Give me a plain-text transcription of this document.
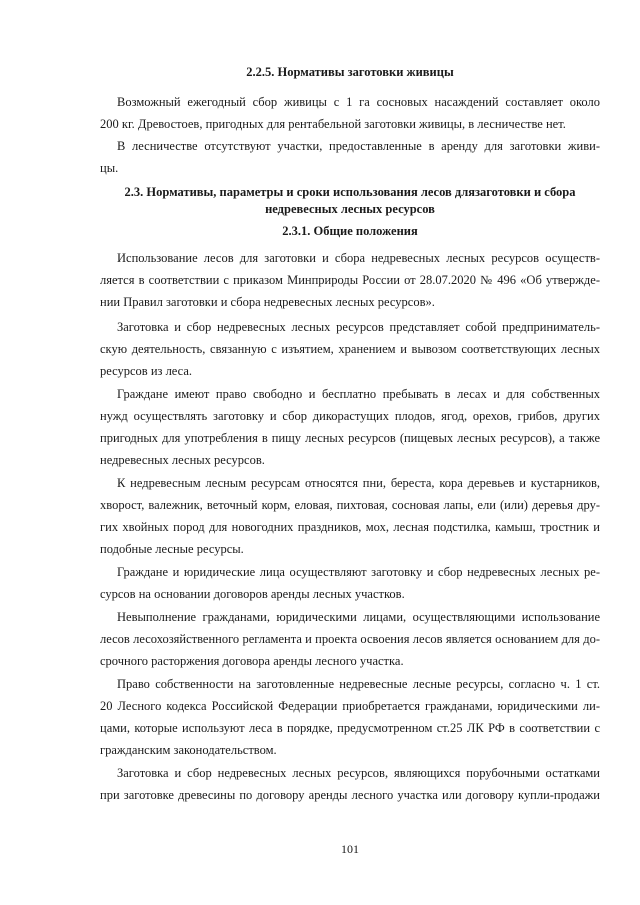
2.2.5. Нормативы заготовки живицы
Возможный ежегодный сбор живицы с 1 га сосновых насаждений составляет около
200 кг. Древостоев, пригодных для рентабельной заготовки живицы, в лесничестве нет.
В лесничестве отсутствуют участки, предоставленные в аренду для заготовки живи-
цы.
2.3. Нормативы, параметры и сроки использования лесов длязаготовки и сбора
недревесных лесных ресурсов
2.3.1. Общие положения
Использование лесов для заготовки и сбора недревесных лесных ресурсов осуществ-
ляется в соответствии с приказом Минприроды России от 28.07.2020 № 496 «Об утвержде-
нии Правил заготовки и сбора недревесных лесных ресурсов».
Заготовка и сбор недревесных лесных ресурсов представляет собой предприниматель-
скую деятельность, связанную с изъятием, хранением и вывозом соответствующих лесных
ресурсов из леса.
Граждане имеют право свободно и бесплатно пребывать в лесах и для собственных
нужд осуществлять заготовку и сбор дикорастущих плодов, ягод, орехов, грибов, других
пригодных для употребления в пищу лесных ресурсов (пищевых лесных ресурсов), а также
недревесных лесных ресурсов.
К недревесным лесным ресурсам относятся пни, береста, кора деревьев и кустарников,
хворост, валежник, веточный корм, еловая, пихтовая, сосновая лапы, ели (или) деревья дру-
гих хвойных пород для новогодних праздников, мох, лесная подстилка, камыш, тростник и
подобные лесные ресурсы.
Граждане и юридические лица осуществляют заготовку и сбор недревесных лесных ре-
сурсов на основании договоров аренды лесных участков.
Невыполнение гражданами, юридическими лицами, осуществляющими использование
лесов лесохозяйственного регламента и проекта освоения лесов является основанием для до-
срочного расторжения договора аренды лесного участка.
Право собственности на заготовленные недревесные лесные ресурсы, согласно ч. 1 ст.
20 Лесного кодекса Российской Федерации приобретается гражданами, юридическими ли-
цами, которые используют леса в порядке, предусмотренном ст.25 ЛК РФ в соответствии с
гражданским законодательством.
Заготовка и сбор недревесных лесных ресурсов, являющихся порубочными остатками
при заготовке древесины по договору аренды лесного участка или договору купли-продажи
101
